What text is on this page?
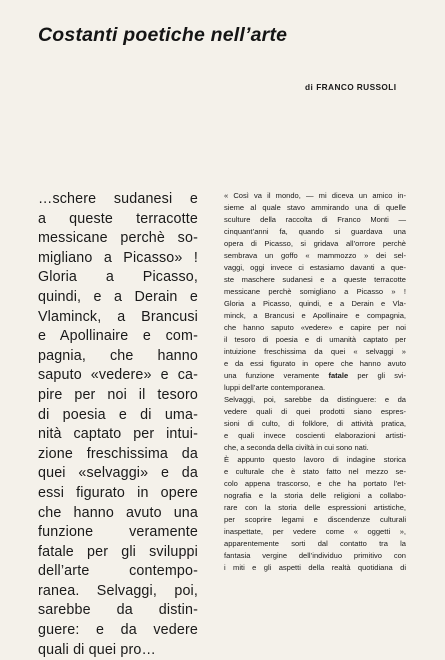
Costanti poetiche nell’arte
di FRANCO RUSSOLI
…schere sudanesi e
a queste terracotte
messicane perchè so-
migliano a Picasso» !
Gloria a Picasso,
quindi, e a Derain e
Vlaminck, a Brancusi
e Apollinaire e com-
pagnia, che hanno
saputo «vedere» e ca-
pire per noi il tesoro
di poesia e di uma-
nità captato per intui-
zione freschissima da
quei «selvaggi» e da
essi figurato in opere
che hanno avuto una
funzione veramente
fatale per gli sviluppi
dell’arte contempo-
ranea. Selvaggi, poi,
sarebbe da distin-
guere: e da vedere
quali di quei pro…
« Così va il mondo, — mi diceva un amico in-
sieme al quale stavo ammirando una di quelle
sculture della raccolta di Franco Monti —
cinquant’anni fa, quando si guardava una
opera di Picasso, si gridava all’orrore perchè
sembrava un goffo « mammozzo » dei sel-
vaggi, oggi invece ci estasiamo davanti a que-
ste maschere sudanesi e a queste terracotte
messicane perchè somigliano a Picasso » !
Gloria a Picasso, quindi, e a Derain e Vla-
minck, a Brancusi e Apollinaire e compagnia,
che hanno saputo «vedere» e capire per noi
il tesoro di poesia e di umanità captato per
intuizione freschissima da quei « selvaggi »
e da essi figurato in opere che hanno avuto
una funzione veramente fatale per gli svi-
luppi dell’arte contemporanea.
Selvaggi, poi, sarebbe da distinguere: e da
vedere quali di quei prodotti siano espres-
sioni di culto, di folklore, di attività pratica,
e quali invece coscienti elaborazioni artisti-
che, a seconda della civiltà in cui sono nati.
È appunto questo lavoro di indagine storica
e culturale che è stato fatto nel mezzo se-
colo appena trascorso, e che ha portato l’et-
nografia e la storia delle religioni a collabo-
rare con la storia delle espressioni artistiche,
per scoprire legami e discendenze culturali
inaspettate, per vedere come « oggetti »,
apparentemente sorti dal contatto tra la
fantasia vergine dell’individuo primitivo con
i miti e gli aspetti della realtà quotidiana di
